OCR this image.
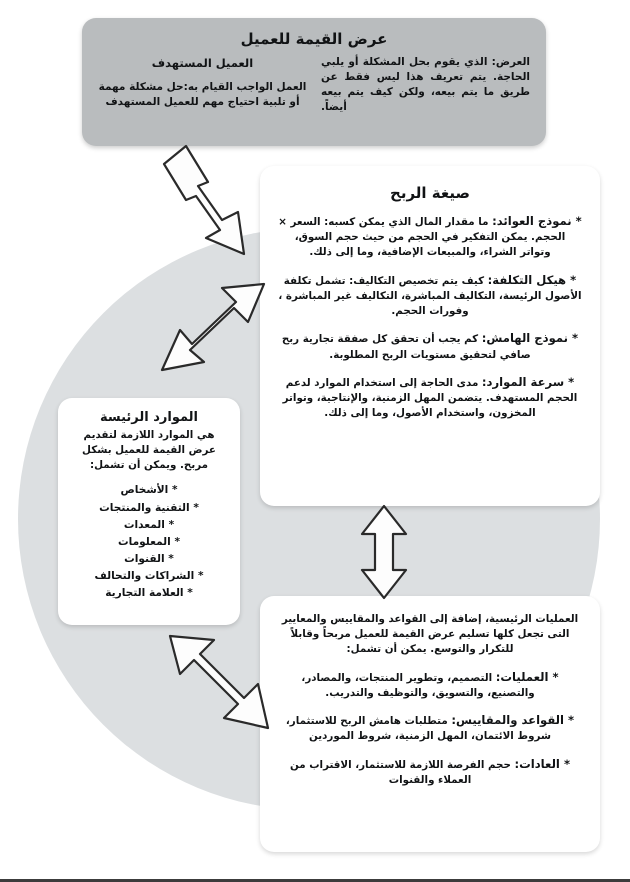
عرض القيمة للعميل
العرض: الذي يقوم بحل المشكلة أو يلبي الحاجة. يتم تعريف هذا ليس فقط عن طريق ما يتم بيعه، ولكن كيف يتم بيعه أيضاً.
العميل المستهدف
العمل الواجب القيام به:حل مشكلة مهمة أو تلبية احتياج مهم للعميل المستهدف
صيغة الربح

* نموذج العوائد: ما مقدار المال الذي يمكن كسبه: السعر × الحجم. يمكن التفكير في الحجم من حيث حجم السوق، وتواتر الشراء، والمبيعات الإضافية، وما إلى ذلك.

* هيكل التكلفة: كيف يتم تخصيص التكاليف: تشمل تكلفة الأصول الرئيسة، التكاليف المباشرة، التكاليف غير المباشرة ، وفورات الحجم.

* نموذج الهامش: كم يجب أن تحقق كل صفقة تجارية ربح صافي لتحقيق مستويات الربح المطلوبة.

* سرعة الموارد: مدى الحاجة إلى استخدام الموارد لدعم الحجم المستهدف. يتضمن المهل الزمنية، والإنتاجية، وتواتر المخزون، واستخدام الأصول، وما إلى ذلك.

الموارد الرئيسة
هي الموارد اللازمة لتقديم عرض القيمة للعميل بشكل مربح. ويمكن أن تشمل:
* الأشخاص
* التقنية والمنتجات
* المعدات
* المعلومات
* القنوات
* الشراكات والتحالف
* العلامة التجارية

العمليات الرئيسية، إضافة إلى القواعد والمقاييس والمعايير التى تجعل كلها تسليم عرض القيمة للعميل مربحاً وقابلاً للتكرار والتوسع. يمكن أن تشمل:

* العمليات: التصميم، وتطوير المنتجات، والمصادر، والتصنيع، والتسويق، والتوظيف والتدريب.

* القواعد والمقاييس: متطلبات هامش الربح للاستثمار، شروط الائتمان، المهل الزمنية، شروط الموردين

* العادات: حجم الفرصة اللازمة للاستثمار، الاقتراب من العملاء والقنوات
